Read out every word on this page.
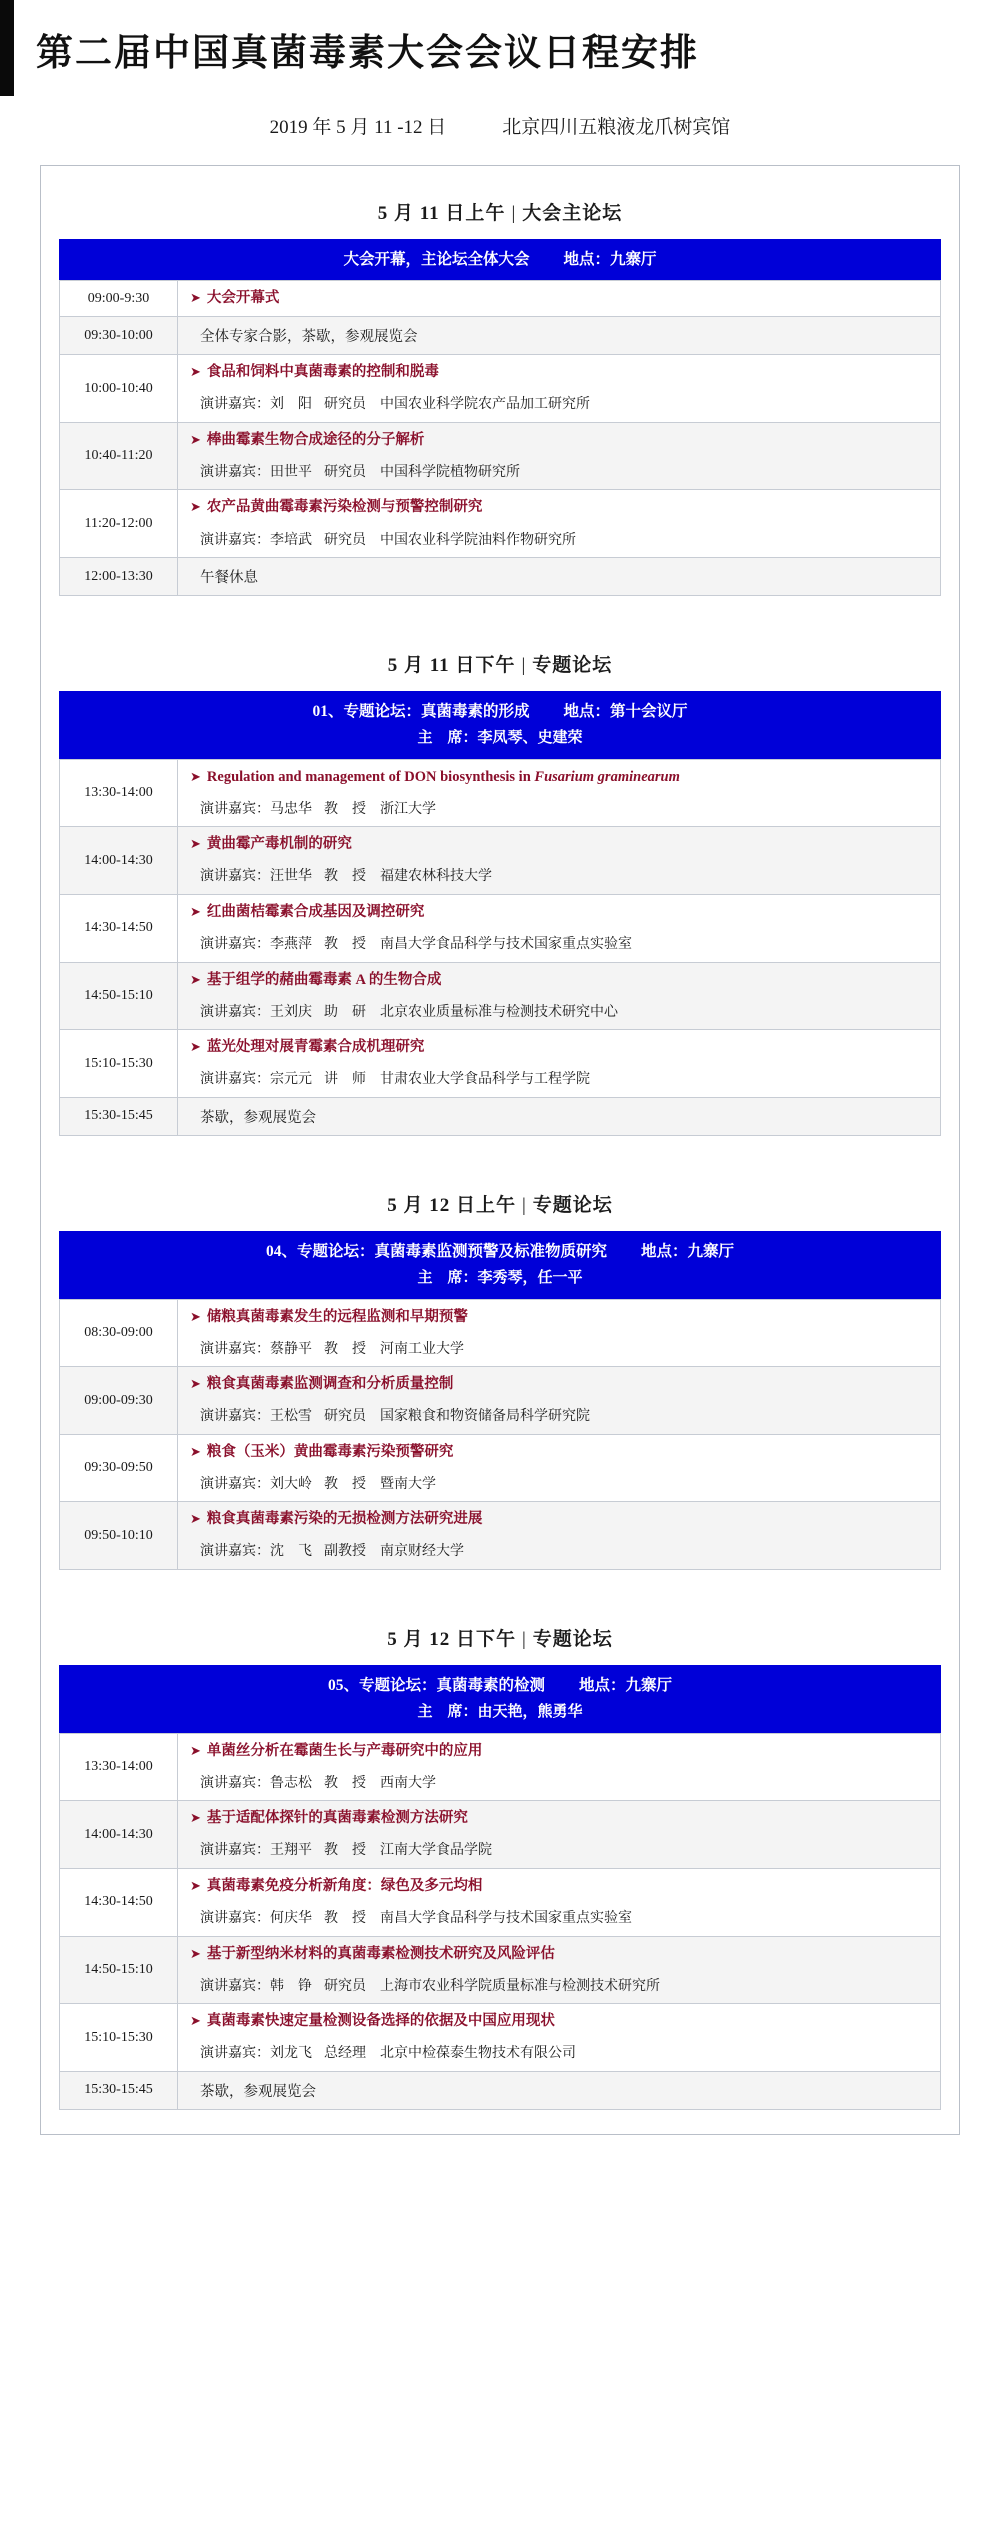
第二届中国真菌毒素大会会议日程安排
2019 年 5 月 11 -12 日	北京四川五粮液龙爪树宾馆
5 月 11 日上午 | 大会主论坛
大会开幕，主论坛全体大会 地点：九寨厅
09:00-9:30	➤ 大会开幕式

09:30-10:00	全体专家合影，茶歇，参观展览会

10:00-10:40	➤ 食品和饲料中真菌毒素的控制和脱毒
演讲嘉宾：刘　阳 研究员 中国农业科学院农产品加工研究所

10:40-11:20	➤ 棒曲霉素生物合成途径的分子解析
演讲嘉宾：田世平 研究员 中国科学院植物研究所

11:20-12:00	➤ 农产品黄曲霉毒素污染检测与预警控制研究
演讲嘉宾：李培武 研究员 中国农业科学院油料作物研究所

12:00-13:30	午餐休息
5 月 11 日下午 | 专题论坛
01、专题论坛：真菌毒素的形成 地点：第十会议厅
主　席：李凤琴、史建荣
13:30-14:00	➤ Regulation and management of DON biosynthesis in Fusarium graminearum
演讲嘉宾：马忠华 教　授 浙江大学

14:00-14:30	➤ 黄曲霉产毒机制的研究
演讲嘉宾：汪世华 教　授 福建农林科技大学

14:30-14:50	➤ 红曲菌桔霉素合成基因及调控研究
演讲嘉宾：李燕萍 教　授 南昌大学食品科学与技术国家重点实验室

14:50-15:10	➤ 基于组学的赭曲霉毒素 A 的生物合成
演讲嘉宾：王刘庆 助　研 北京农业质量标准与检测技术研究中心

15:10-15:30	➤ 蓝光处理对展青霉素合成机理研究
演讲嘉宾：宗元元 讲　师 甘肃农业大学食品科学与工程学院

15:30-15:45	茶歇，参观展览会
5 月 12 日上午 | 专题论坛
04、专题论坛：真菌毒素监测预警及标准物质研究 地点：九寨厅
主　席：李秀琴，任一平
08:30-09:00	➤ 储粮真菌毒素发生的远程监测和早期预警
演讲嘉宾：蔡静平 教　授 河南工业大学

09:00-09:30	➤ 粮食真菌毒素监测调查和分析质量控制
演讲嘉宾：王松雪 研究员 国家粮食和物资储备局科学研究院

09:30-09:50	➤ 粮食（玉米）黄曲霉毒素污染预警研究
演讲嘉宾：刘大岭 教　授 暨南大学

09:50-10:10	➤ 粮食真菌毒素污染的无损检测方法研究进展
演讲嘉宾：沈　飞 副教授 南京财经大学
5 月 12 日下午 | 专题论坛
05、专题论坛：真菌毒素的检测 地点：九寨厅
主　席：由天艳，熊勇华
13:30-14:00	➤ 单菌丝分析在霉菌生长与产毒研究中的应用
演讲嘉宾：鲁志松 教　授 西南大学

14:00-14:30	➤ 基于适配体探针的真菌毒素检测方法研究
演讲嘉宾：王翔平 教　授 江南大学食品学院

14:30-14:50	➤ 真菌毒素免疫分析新角度：绿色及多元均相
演讲嘉宾：何庆华 教　授 南昌大学食品科学与技术国家重点实验室

14:50-15:10	➤ 基于新型纳米材料的真菌毒素检测技术研究及风险评估
演讲嘉宾：韩　铮 研究员 上海市农业科学院质量标准与检测技术研究所

15:10-15:30	➤ 真菌毒素快速定量检测设备选择的依据及中国应用现状
演讲嘉宾：刘龙飞 总经理 北京中检葆泰生物技术有限公司

15:30-15:45	茶歇，参观展览会
